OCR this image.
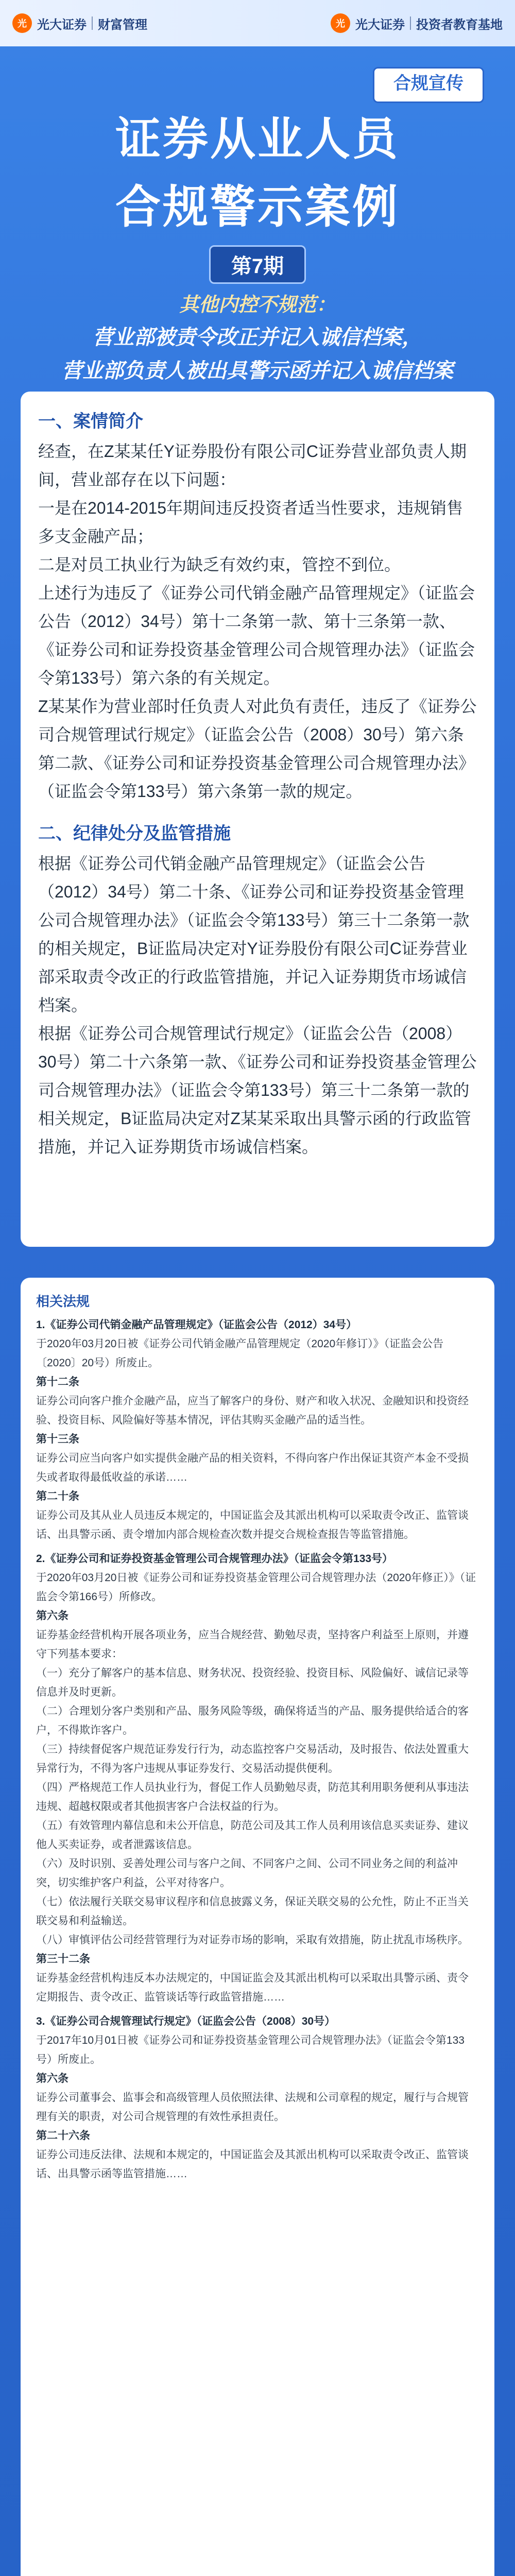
光 光大证券 财富管理	光 光大证券 投资者教育基地
合规宣传
证券从业人员
合规警示案例
第7期
其他内控不规范：
营业部被责令改正并记入诚信档案，
营业部负责人被出具警示函并记入诚信档案
一、案情简介

经查，在Z某某任Y证券股份有限公司C证券营业部负责人期间，营业部存在以下问题：

一是在2014-2015年期间违反投资者适当性要求，违规销售多支金融产品；

二是对员工执业行为缺乏有效约束，管控不到位。

上述行为违反了《证券公司代销金融产品管理规定》（证监会公告（2012）34号）第十二条第一款、第十三条第一款、《证券公司和证券投资基金管理公司合规管理办法》（证监会令第133号）第六条的有关规定。

Z某某作为营业部时任负责人对此负有责任，违反了《证券公司合规管理试行规定》（证监会公告（2008）30号）第六条第二款、《证券公司和证券投资基金管理公司合规管理办法》（证监会令第133号）第六条第一款的规定。

二、纪律处分及监管措施

根据《证券公司代销金融产品管理规定》（证监会公告（2012）34号）第二十条、《证券公司和证券投资基金管理公司合规管理办法》（证监会令第133号）第三十二条第一款的相关规定，B证监局决定对Y证券股份有限公司C证券营业部采取责令改正的行政监管措施，并记入证券期货市场诚信档案。

根据《证券公司合规管理试行规定》（证监会公告（2008）30号）第二十六条第一款、《证券公司和证券投资基金管理公司合规管理办法》（证监会令第133号）第三十二条第一款的相关规定，B证监局决定对Z某某采取出具警示函的行政监管措施，并记入证券期货市场诚信档案。

相关法规

1.《证券公司代销金融产品管理规定》（证监会公告（2012）34号）

于2020年03月20日被《证券公司代销金融产品管理规定（2020年修订）》（证监会公告〔2020〕20号）所废止。

第十二条

证券公司向客户推介金融产品，应当了解客户的身份、财产和收入状况、金融知识和投资经验、投资目标、风险偏好等基本情况，评估其购买金融产品的适当性。

第十三条

证券公司应当向客户如实提供金融产品的相关资料，不得向客户作出保证其资产本金不受损失或者取得最低收益的承诺……

第二十条

证券公司及其从业人员违反本规定的，中国证监会及其派出机构可以采取责令改正、监管谈话、出具警示函、责令增加内部合规检查次数并提交合规检查报告等监管措施。

2.《证券公司和证券投资基金管理公司合规管理办法》（证监会令第133号）

于2020年03月20日被《证券公司和证券投资基金管理公司合规管理办法（2020年修正）》（证监会令第166号）所修改。

第六条

证券基金经营机构开展各项业务，应当合规经营、勤勉尽责，坚持客户利益至上原则，并遵守下列基本要求：

（一）充分了解客户的基本信息、财务状况、投资经验、投资目标、风险偏好、诚信记录等信息并及时更新。

（二）合理划分客户类别和产品、服务风险等级，确保将适当的产品、服务提供给适合的客户，不得欺诈客户。

（三）持续督促客户规范证券发行行为，动态监控客户交易活动，及时报告、依法处置重大异常行为，不得为客户违规从事证券发行、交易活动提供便利。

（四）严格规范工作人员执业行为，督促工作人员勤勉尽责，防范其利用职务便利从事违法违规、超越权限或者其他损害客户合法权益的行为。

（五）有效管理内幕信息和未公开信息，防范公司及其工作人员利用该信息买卖证券、建议他人买卖证券，或者泄露该信息。

（六）及时识别、妥善处理公司与客户之间、不同客户之间、公司不同业务之间的利益冲突，切实维护客户利益，公平对待客户。

（七）依法履行关联交易审议程序和信息披露义务，保证关联交易的公允性，防止不正当关联交易和利益输送。

（八）审慎评估公司经营管理行为对证券市场的影响，采取有效措施，防止扰乱市场秩序。

第三十二条

证券基金经营机构违反本办法规定的，中国证监会及其派出机构可以采取出具警示函、责令定期报告、责令改正、监管谈话等行政监管措施……

3.《证券公司合规管理试行规定》（证监会公告（2008）30号）

于2017年10月01日被《证券公司和证券投资基金管理公司合规管理办法》（证监会令第133号）所废止。

第六条

证券公司董事会、监事会和高级管理人员依照法律、法规和公司章程的规定，履行与合规管理有关的职责，对公司合规管理的有效性承担责任。

第二十六条

证券公司违反法律、法规和本规定的，中国证监会及其派出机构可以采取责令改正、监管谈话、出具警示函等监管措施……
